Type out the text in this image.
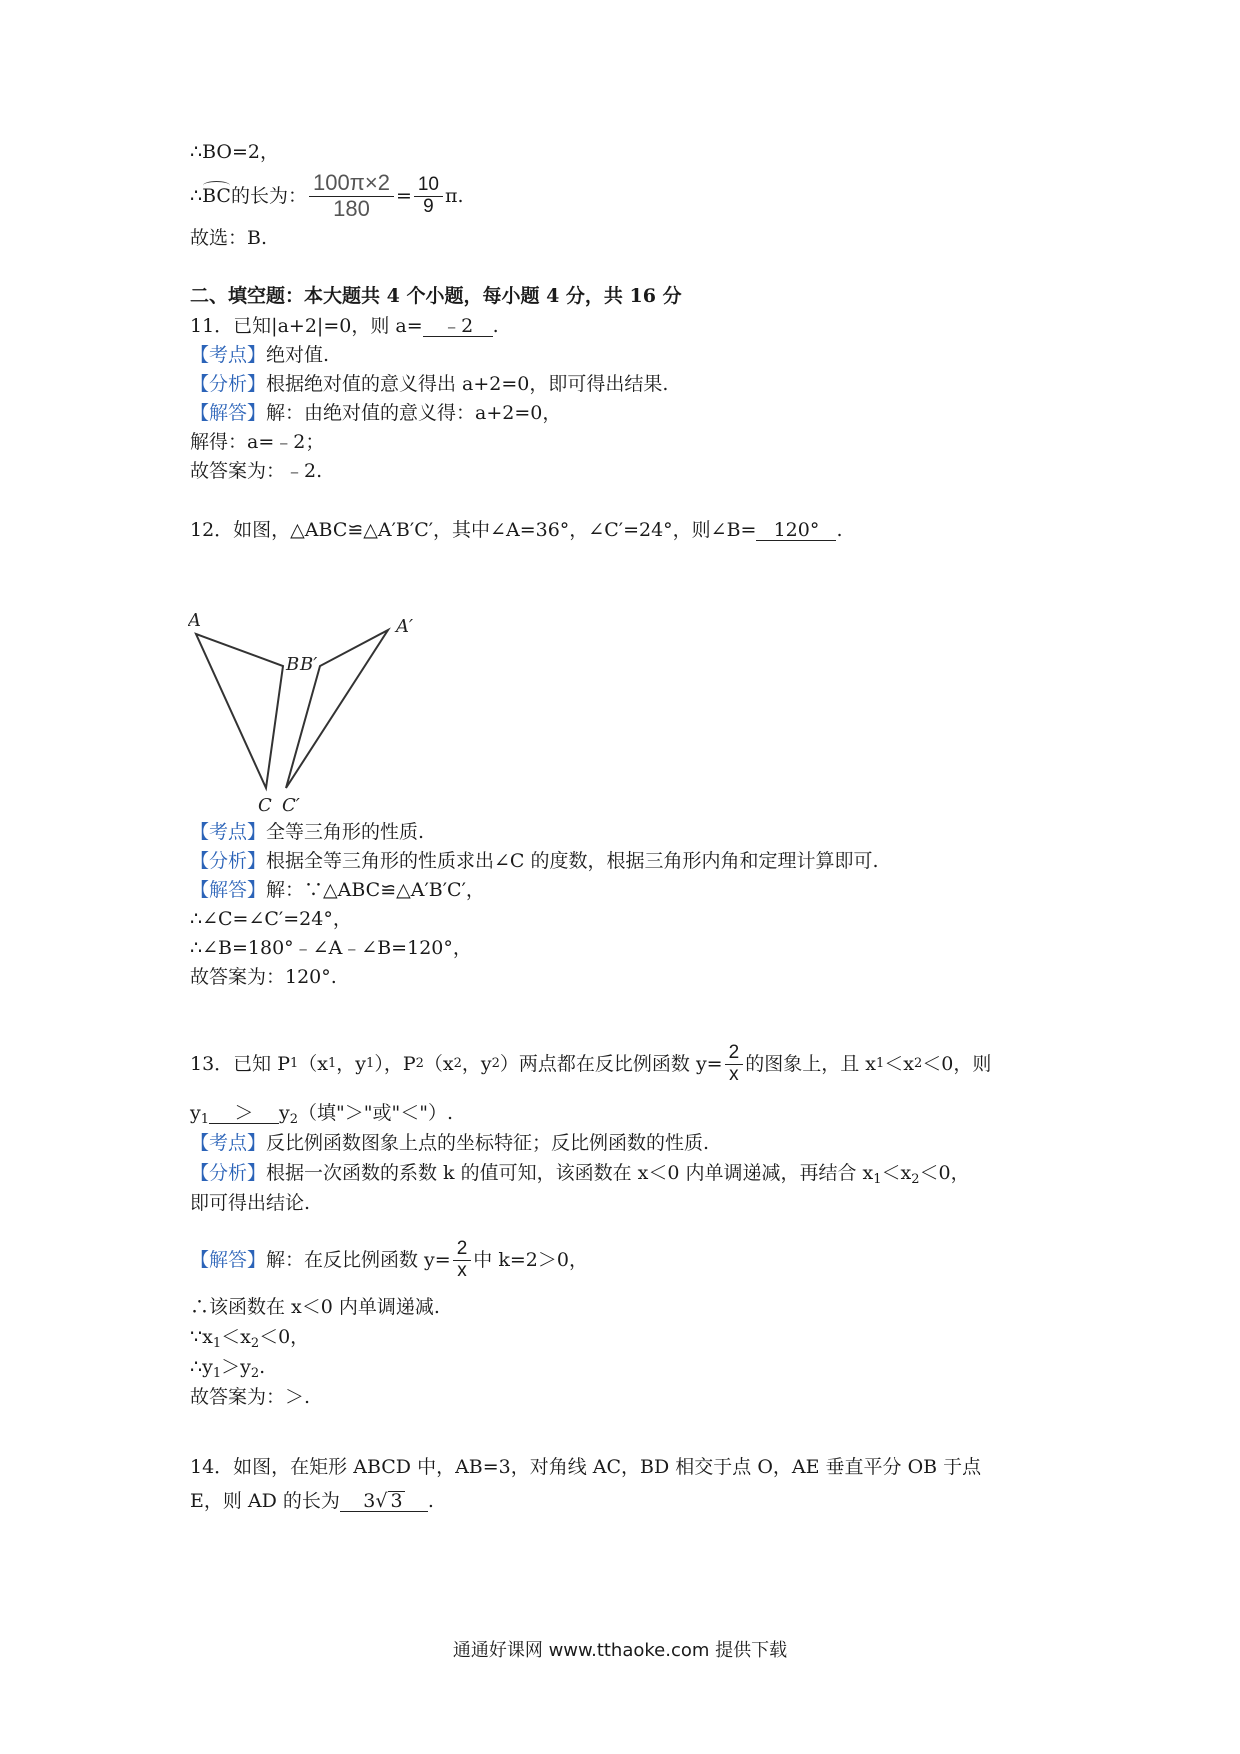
∴BO=2，
∴ BC 的长为： $\frac{100\pi\times 2}{180} = \frac{10}{9} \pi$.
故选：B.
二、填空题：本大题共 4 个小题，每小题 4 分，共 16 分
11．已知|a+2|=0，则 a= ﹣2 .
【考点】绝对值.
【分析】根据绝对值的意义得出 a+2=0，即可得出结果.
【解答】解：由绝对值的意义得：a+2=0，
解得：a=﹣2；
故答案为：﹣2.
12．如图，△ABC≌△A′B′C′，其中∠A=36°，∠C′=24°，则∠B= 120° .
A
B
C
A′
B′
C′
【考点】全等三角形的性质.
【分析】根据全等三角形的性质求出∠C 的度数，根据三角形内角和定理计算即可.
【解答】解：∵△ABC≌△A′B′C′，
∴∠C=∠C′=24°，
∴∠B=180°﹣∠A﹣∠B=120°，
故答案为：120°.
13．已知 P 1 （x 1 ，y 1 ），P 2 （x 2 ，y 2 ）两点都在反比例函数 $y= \frac{2}{x}$ 的图象上，且 x 1 ＜x 2 ＜0，则
$y_1 > y_2$（填"＞"或"＜"）.
【考点】反比例函数图象上点的坐标特征；反比例函数的性质.
【分析】根据一次函数的系数 k 的值可知，该函数在 x＜0 内单调递减，再结合 $x_1<x_2<0$，
即可得出结论.
【解答】 解：在反比例函数 $y= \frac{2}{x}$ 中 k=2＞0，
∴该函数在 x＜0 内单调递减.
$\because x_1<x_2<0$，
$\therefore y_1>y_2$.
故答案为：＞.
14．如图，在矩形 ABCD 中，AB=3，对角线 AC，BD 相交于点 O，AE 垂直平分 OB 于点
E，则 AD 的长为 3√ 3 .
通通好课网 www.tthaoke.com 提供下载
